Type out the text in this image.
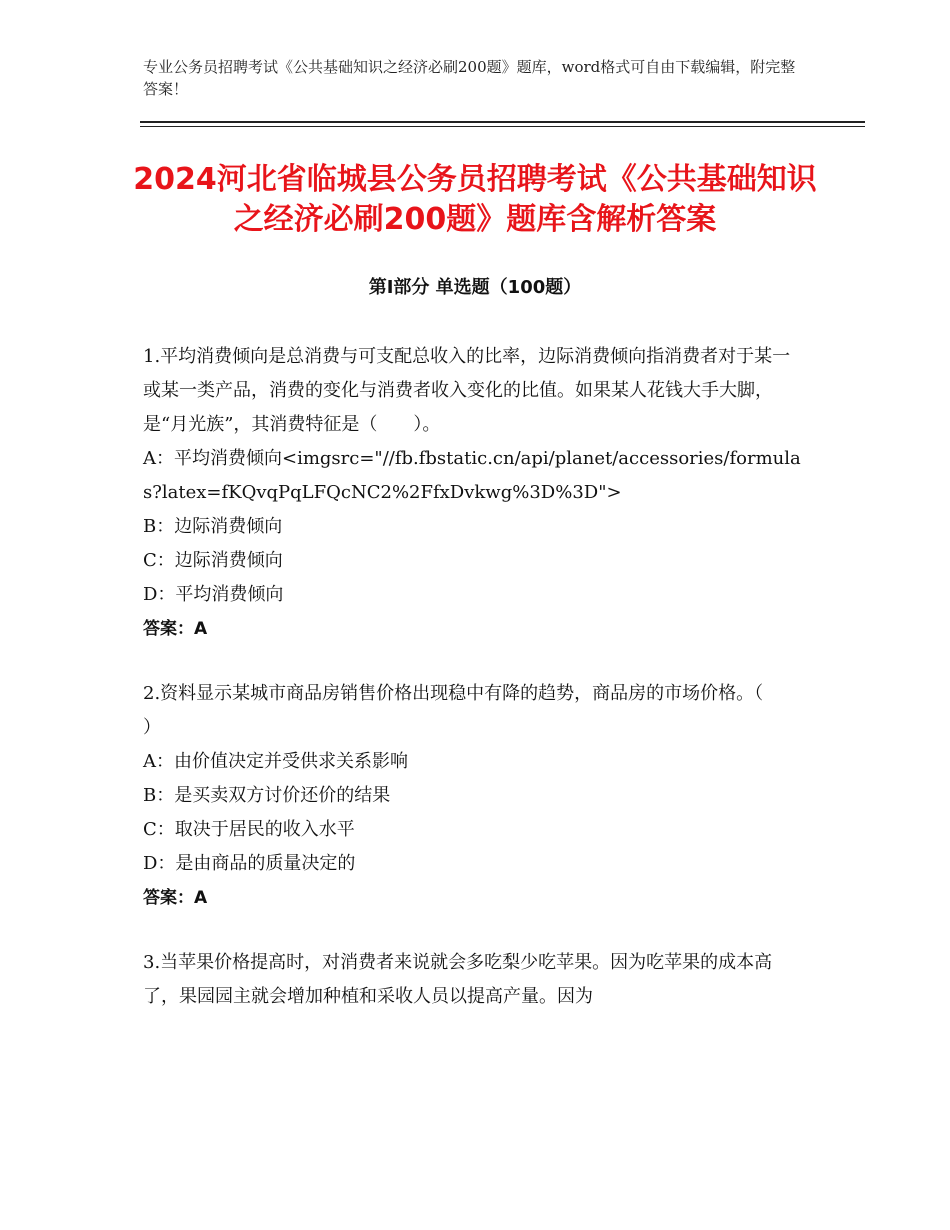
专业公务员招聘考试《公共基础知识之经济必刷200题》题库，word格式可自由下载编辑，附完整答案！
2024河北省临城县公务员招聘考试《公共基础知识之经济必刷200题》题库含解析答案
第Ⅰ部分 单选题（100题）
1.平均消费倾向是总消费与可支配总收入的比率，边际消费倾向指消费者对于某一或某一类产品，消费的变化与消费者收入变化的比值。如果某人花钱大手大脚，是“月光族”，其消费特征是（　　）。
A：平均消费倾向<imgsrc="//fb.fbstatic.cn/api/planet/accessories/formulas?latex=fKQvqPqLFQcNC2%2FfxDvkwg%3D%3D">
B：边际消费倾向
C：边际消费倾向
D：平均消费倾向
答案：A
2.资料显示某城市商品房销售价格出现稳中有降的趋势，商品房的市场价格。（　　）
A：由价值决定并受供求关系影响
B：是买卖双方讨价还价的结果
C：取决于居民的收入水平
D：是由商品的质量决定的
答案：A
3.当苹果价格提高时，对消费者来说就会多吃梨少吃苹果。因为吃苹果的成本高了，果园园主就会增加种植和采收人员以提高产量。因为
